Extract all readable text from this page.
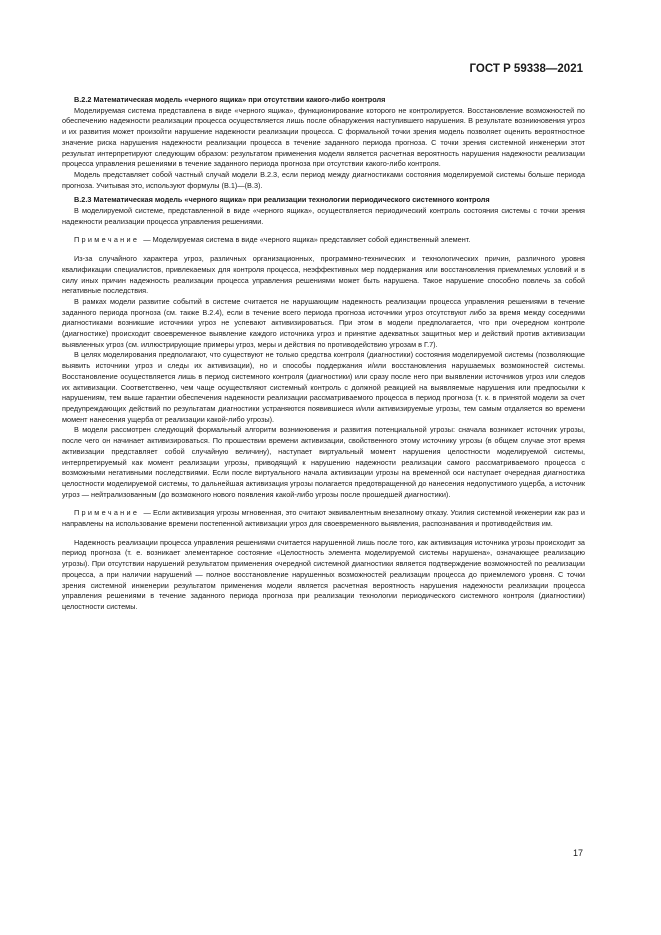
ГОСТ Р 59338—2021
В.2.2 Математическая модель «черного ящика» при отсутствии какого-либо контроля

Моделируемая система представлена в виде «черного ящика», функционирование которого не контролируется. Восстановление возможностей по обеспечению надежности реализации процесса осуществляется лишь после обнаружения наступившего нарушения. В результате возникновения угроз и их развития может произойти нарушение надежности реализации процесса. С формальной точки зрения модель позволяет оценить вероятностное значение риска нарушения надежности реализации процесса в течение заданного периода прогноза. С точки зрения системной инженерии этот результат интерпретируют следующим образом: результатом применения модели является расчетная вероятность нарушения надежности реализации процесса управления решениями в течение заданного периода прогноза при отсутствии какого-либо контроля.

Модель представляет собой частный случай модели В.2.3, если период между диагностиками состояния моделируемой системы больше периода прогноза. Учитывая это, используют формулы (В.1)—(В.3).

В.2.3 Математическая модель «черного ящика» при реализации технологии периодического системного контроля

В моделируемой системе, представленной в виде «черного ящика», осуществляется периодический контроль состояния системы с точки зрения надежности реализации процесса управления решениями.

Примечание — Моделируемая система в виде «черного ящика» представляет собой единственный элемент.

Из-за случайного характера угроз, различных организационных, программно-технических и технологических причин, различного уровня квалификации специалистов, привлекаемых для контроля процесса, неэффективных мер поддержания или восстановления приемлемых условий и в силу иных причин надежность реализации процесса управления решениями может быть нарушена. Такое нарушение способно повлечь за собой негативные последствия.

В рамках модели развитие событий в системе считается не нарушающим надежность реализации процесса управления решениями в течение заданного периода прогноза (см. также В.2.4), если в течение всего периода прогноза источники угроз отсутствуют либо за время между соседними диагностиками возникшие источники угроз не успевают активизироваться. При этом в модели предполагается, что при очередном контроле (диагностике) происходит своевременное выявление каждого источника угроз и принятие адекватных защитных мер и действий против активизации выявленных угроз (см. иллюстрирующие примеры угроз, меры и действия по противодействию угрозам в Г.7).

В целях моделирования предполагают, что существуют не только средства контроля (диагностики) состояния моделируемой системы (позволяющие выявить источники угроз и следы их активизации), но и способы поддержания и/или восстановления нарушаемых возможностей системы. Восстановление осуществляется лишь в период системного контроля (диагностики) или сразу после него при выявлении источников угроз или следов их активизации. Соответственно, чем чаще осуществляют системный контроль с должной реакцией на выявляемые нарушения или предпосылки к нарушениям, тем выше гарантии обеспечения надежности реализации рассматриваемого процесса в период прогноза (т. к. в принятой модели за счет предупреждающих действий по результатам диагностики устраняются появившиеся и/или активизируемые угрозы, тем самым отдаляется во времени момент нанесения ущерба от реализации какой-либо угрозы).

В модели рассмотрен следующий формальный алгоритм возникновения и развития потенциальной угрозы: сначала возникает источник угрозы, после чего он начинает активизироваться. По прошествии времени активизации, свойственного этому источнику угрозы (в общем случае этот время активизации представляет собой случайную величину), наступает виртуальный момент нарушения целостности моделируемой системы, интерпретируемый как момент реализации угрозы, приводящий к нарушению надежности реализации самого рассматриваемого процесса с возможными негативными последствиями. Если после виртуального начала активизации угрозы на временной оси наступает очередная диагностика целостности моделируемой системы, то дальнейшая активизация угрозы полагается предотвращенной до нанесения недопустимого ущерба, а источник угроз — нейтрализованным (до возможного нового появления какой-либо угрозы после прошедшей диагностики).

Примечание — Если активизация угрозы мгновенная, это считают эквивалентным внезапному отказу. Усилия системной инженерии как раз и направлены на использование времени постепенной активизации угроз для своевременного выявления, распознавания и противодействия им.

Надежность реализации процесса управления решениями считается нарушенной лишь после того, как активизация источника угрозы происходит за период прогноза (т. е. возникает элементарное состояние «Целостность элемента моделируемой системы нарушена», означающее реализацию угрозы). При отсутствии нарушений результатом применения очередной системной диагностики является подтверждение возможностей по реализации процесса, а при наличии нарушений — полное восстановление нарушенных возможностей реализации процесса до приемлемого уровня. С точки зрения системной инженерии результатом применения модели является расчетная вероятность нарушения надежности реализации процесса управления решениями в течение заданного периода прогноза при реализации технологии периодического системного контроля (диагностики) целостности системы.

17
